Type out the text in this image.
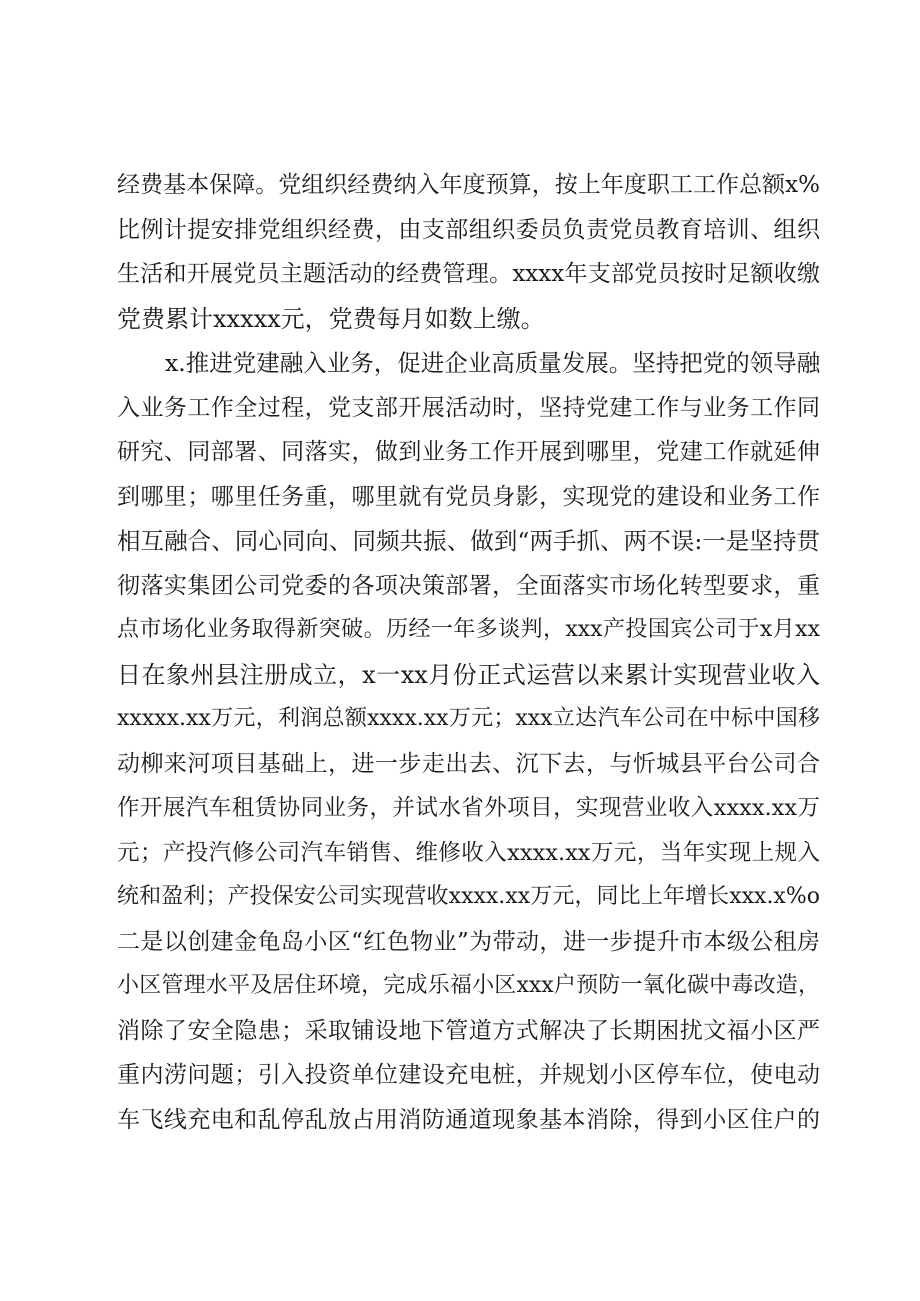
经费基本保障。党组织经费纳入年度预算，按上年度职工工作总额x%
比例计提安排党组织经费，由支部组织委员负责党员教育培训、组织
生活和开展党员主题活动的经费管理。xxxx年支部党员按时足额收缴
党费累计xxxxx元，党费每月如数上缴。
x.推进党建融入业务，促进企业高质量发展。坚持把党的领导融
入业务工作全过程，党支部开展活动时，坚持党建工作与业务工作同
研究、同部署、同落实，做到业务工作开展到哪里，党建工作就延伸
到哪里；哪里任务重，哪里就有党员身影，实现党的建设和业务工作
相互融合、同心同向、同频共振、做到“两手抓、两不误:一是坚持贯
彻落实集团公司党委的各项决策部署，全面落实市场化转型要求，重
点市场化业务取得新突破。历经一年多谈判，xxx产投国宾公司于x月xx
日在象州县注册成立，x一xx月份正式运营以来累计实现营业收入
xxxxx.xx万元，利润总额xxxx.xx万元；xxx立达汽车公司在中标中国移
动柳来河项目基础上，进一步走出去、沉下去，与忻城县平台公司合
作开展汽车租赁协同业务，并试水省外项目，实现营业收入xxxx.xx万
元；产投汽修公司汽车销售、维修收入xxxx.xx万元，当年实现上规入
统和盈利；产投保安公司实现营收xxxx.xx万元，同比上年增长xxx.x%o
二是以创建金龟岛小区“红色物业”为带动，进一步提升市本级公租房
小区管理水平及居住环境，完成乐福小区xxx户预防一氧化碳中毒改造，
消除了安全隐患；采取铺设地下管道方式解决了长期困扰文福小区严
重内涝问题；引入投资单位建设充电桩，并规划小区停车位，使电动
车飞线充电和乱停乱放占用消防通道现象基本消除，得到小区住户的
